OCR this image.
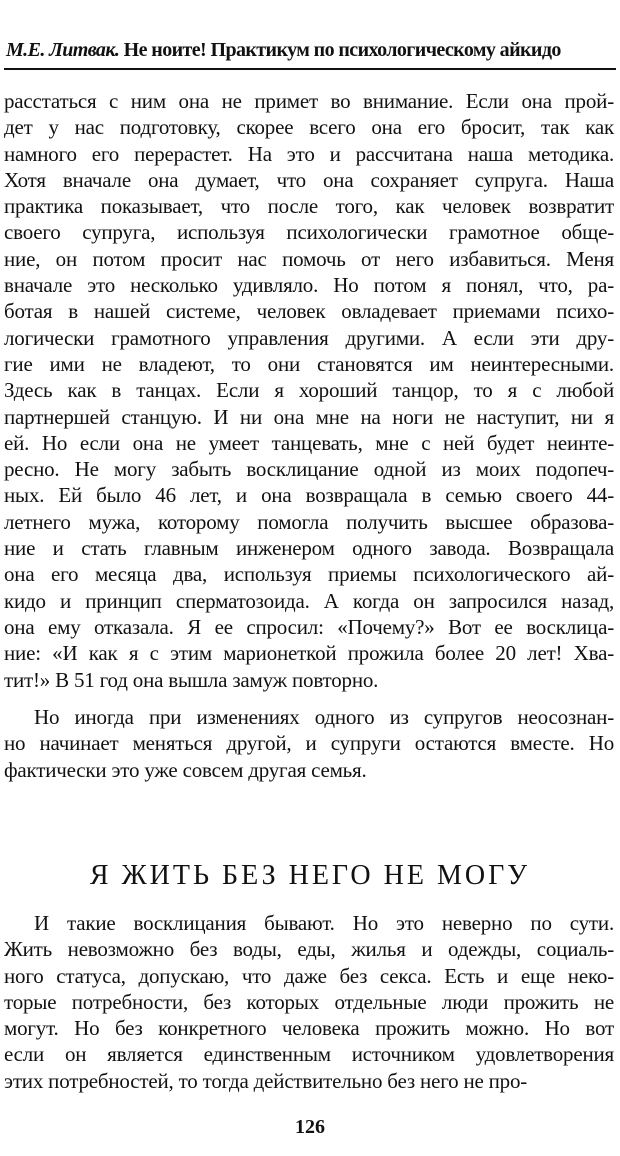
М.Е. Литвак. Не ноите! Практикум по психологическому айкидо
расстаться с ним она не примет во внимание. Если она прой-
дет у нас подготовку, скорее всего она его бросит, так как
намного его перерастет. На это и рассчитана наша методика.
Хотя вначале она думает, что она сохраняет супруга. Наша
практика показывает, что после того, как человек возвратит
своего супруга, используя психологически грамотное обще-
ние, он потом просит нас помочь от него избавиться. Меня
вначале это несколько удивляло. Но потом я понял, что, ра-
ботая в нашей системе, человек овладевает приемами психо-
логически грамотного управления другими. А если эти дру-
гие ими не владеют, то они становятся им неинтересными.
Здесь как в танцах. Если я хороший танцор, то я с любой
партнершей станцую. И ни она мне на ноги не наступит, ни я
ей. Но если она не умеет танцевать, мне с ней будет неинте-
ресно. Не могу забыть восклицание одной из моих подопеч-
ных. Ей было 46 лет, и она возвращала в семью своего 44-
летнего мужа, которому помогла получить высшее образова-
ние и стать главным инженером одного завода. Возвращала
она его месяца два, используя приемы психологического ай-
кидо и принцип сперматозоида. А когда он запросился назад,
она ему отказала. Я ее спросил: «Почему?» Вот ее восклица-
ние: «И как я с этим марионеткой прожила более 20 лет! Хва-
тит!» В 51 год она вышла замуж повторно.
Но иногда при изменениях одного из супругов неосознан-
но начинает меняться другой, и супруги остаются вместе. Но
фактически это уже совсем другая семья.
Я ЖИТЬ БЕЗ НЕГО НЕ МОГУ
И такие восклицания бывают. Но это неверно по сути.
Жить невозможно без воды, еды, жилья и одежды, социаль-
ного статуса, допускаю, что даже без секса. Есть и еще неко-
торые потребности, без которых отдельные люди прожить не
могут. Но без конкретного человека прожить можно. Но вот
если он является единственным источником удовлетворения
этих потребностей, то тогда действительно без него не про-
126
